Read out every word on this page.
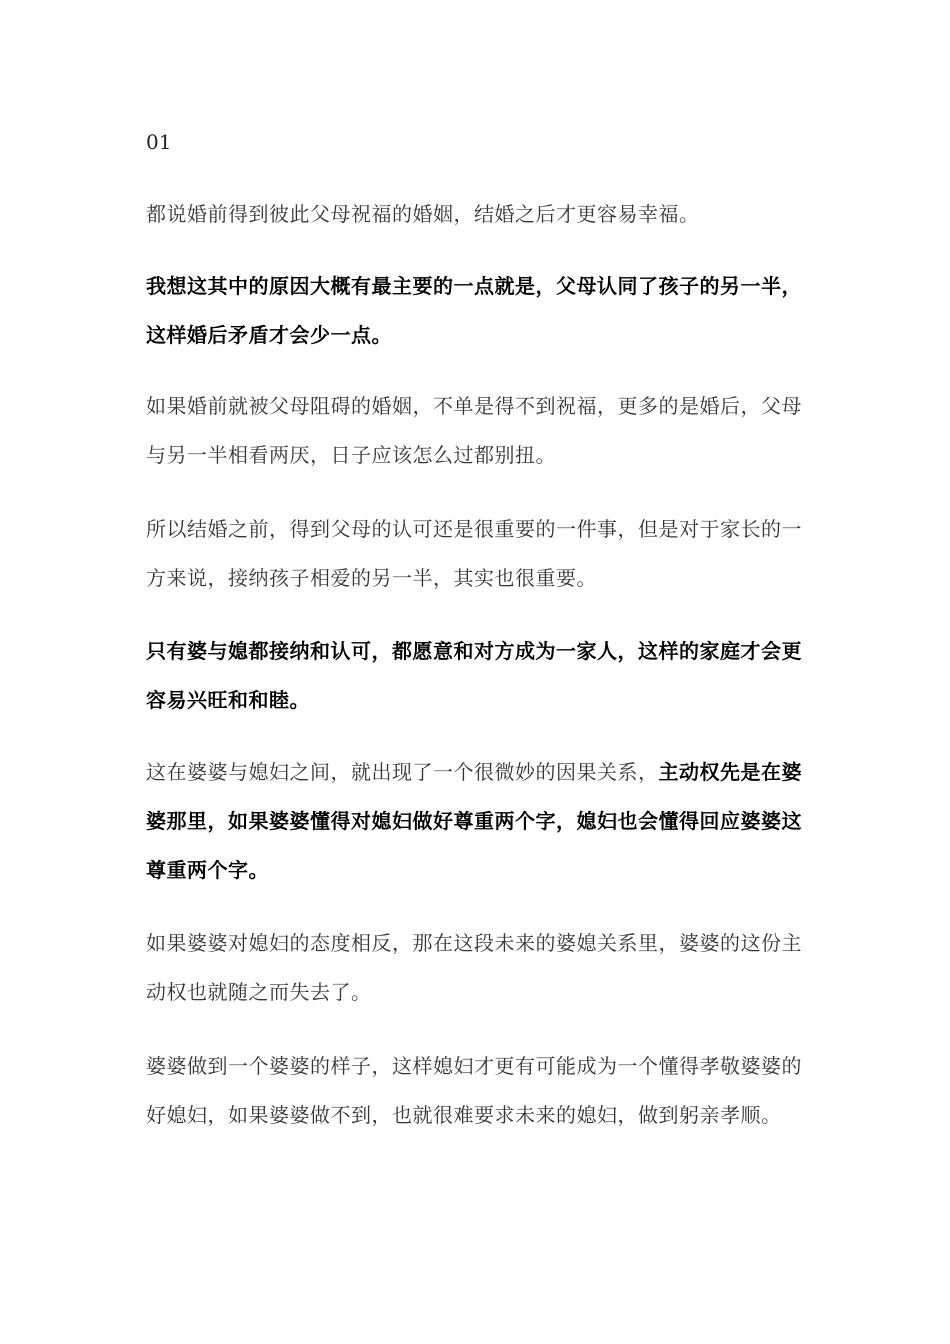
01

都说婚前得到彼此父母祝福的婚姻，结婚之后才更容易幸福。

我想这其中的原因大概有最主要的一点就是，父母认同了孩子的另一半，这样婚后矛盾才会少一点。

如果婚前就被父母阻碍的婚姻，不单是得不到祝福，更多的是婚后，父母与另一半相看两厌，日子应该怎么过都别扭。

所以结婚之前，得到父母的认可还是很重要的一件事，但是对于家长的一方来说，接纳孩子相爱的另一半，其实也很重要。

只有婆与媳都接纳和认可，都愿意和对方成为一家人，这样的家庭才会更容易兴旺和和睦。

这在婆婆与媳妇之间，就出现了一个很微妙的因果关系，主动权先是在婆婆那里，如果婆婆懂得对媳妇做好尊重两个字，媳妇也会懂得回应婆婆这尊重两个字。

如果婆婆对媳妇的态度相反，那在这段未来的婆媳关系里，婆婆的这份主动权也就随之而失去了。

婆婆做到一个婆婆的样子，这样媳妇才更有可能成为一个懂得孝敬婆婆的好媳妇，如果婆婆做不到，也就很难要求未来的媳妇，做到躬亲孝顺。
